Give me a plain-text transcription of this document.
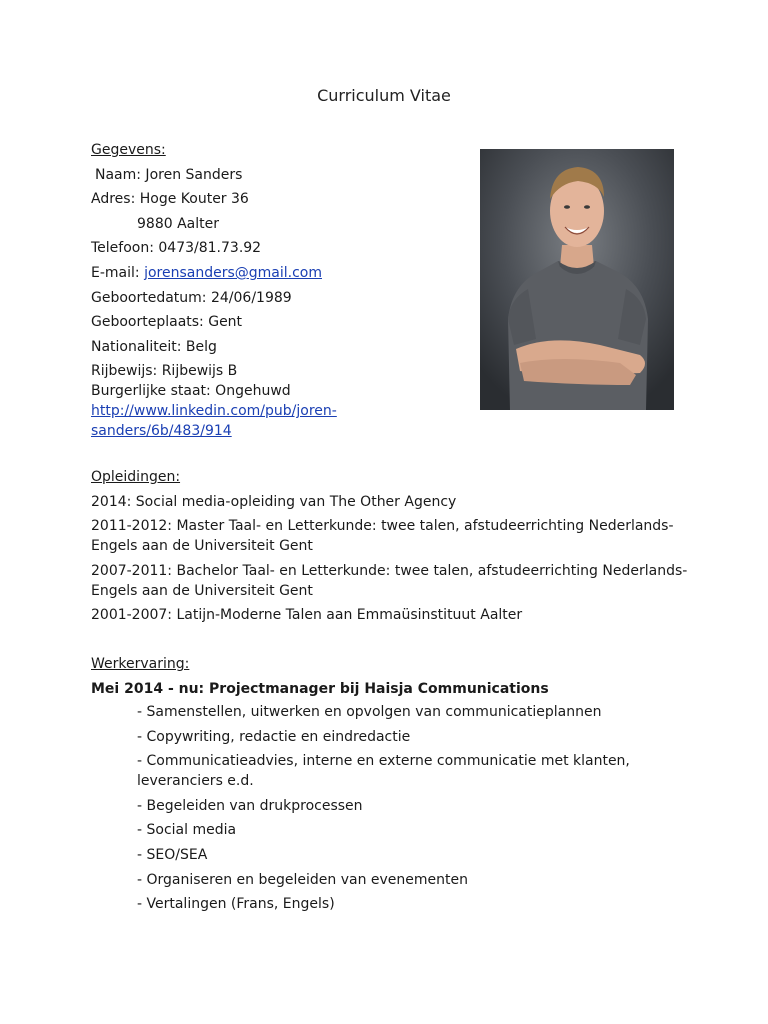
Curriculum Vitae
Gegevens:
Naam: Joren Sanders
Adres: Hoge Kouter 36
9880 Aalter
Telefoon: 0473/81.73.92
E-mail: jorensanders@gmail.com
Geboortedatum: 24/06/1989
Geboorteplaats: Gent
Nationaliteit: Belg
Rijbewijs: Rijbewijs B
Burgerlijke staat: Ongehuwd
http://www.linkedin.com/pub/joren-
sanders/6b/483/914
Opleidingen:
2014: Social media-opleiding van The Other Agency
2011-2012: Master Taal- en Letterkunde: twee talen, afstudeerrichting Nederlands-
Engels aan de Universiteit Gent
2007-2011: Bachelor Taal- en Letterkunde: twee talen, afstudeerrichting Nederlands-
Engels aan de Universiteit Gent
2001-2007: Latijn-Moderne Talen aan Emmaüsinstituut Aalter
Werkervaring:
Mei 2014 - nu: Projectmanager bij Haisja Communications
- Samenstellen, uitwerken en opvolgen van communicatieplannen
- Copywriting, redactie en eindredactie
- Communicatieadvies, interne en externe communicatie met klanten,
leveranciers e.d.
- Begeleiden van drukprocessen
- Social media
- SEO/SEA
- Organiseren en begeleiden van evenementen
- Vertalingen (Frans, Engels)
